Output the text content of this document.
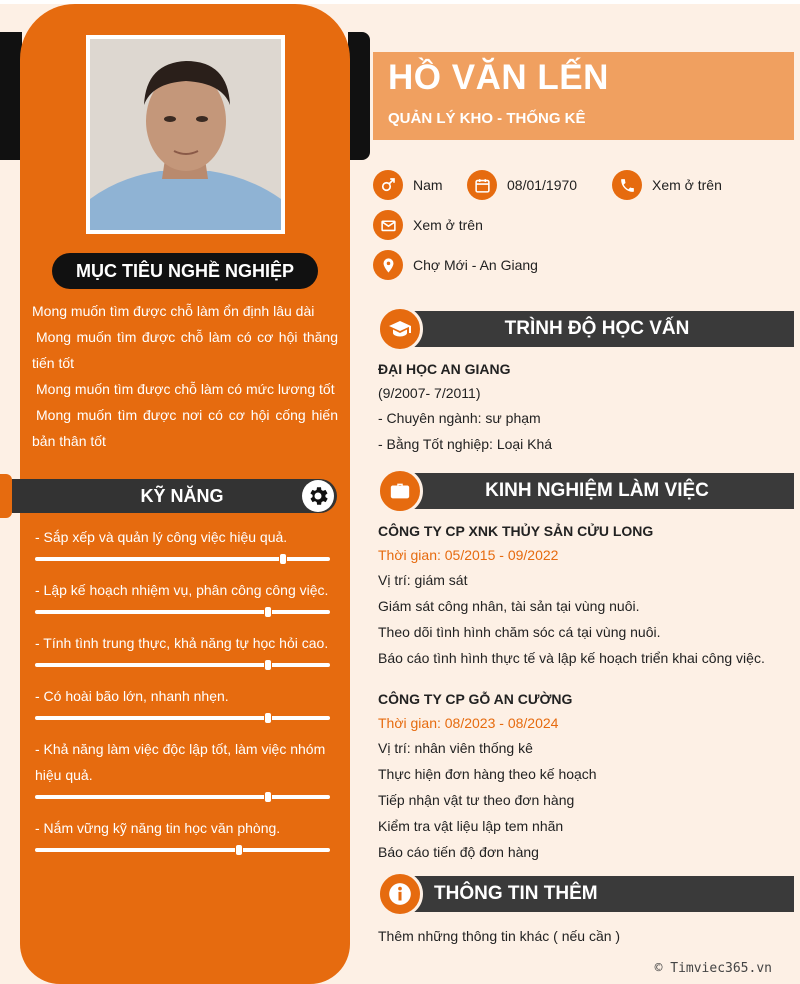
MỤC TIÊU NGHỀ NGHIỆP
Mong muốn tìm được chỗ làm ổn định lâu dài
Mong muốn tìm được chỗ làm có cơ hội thăng tiến tốt
Mong muốn tìm được chỗ làm có mức lương tốt
Mong muốn tìm được nơi có cơ hội cống hiến bản thân tốt
KỸ NĂNG
- Sắp xếp và quản lý công việc hiệu quả.
- Lập kế hoạch nhiệm vụ, phân công công việc.
- Tính tình trung thực, khả năng tự học hỏi cao.
- Có hoài bão lớn, nhanh nhẹn.
- Khả năng làm việc độc lập tốt, làm việc nhóm hiệu quả.
- Nắm vững kỹ năng tin học văn phòng.
HỒ VĂN LẾN
QUẢN LÝ KHO - THỐNG KÊ
Nam	08/01/1970	Xem ở trên
Xem ở trên
Chợ Mới - An Giang
TRÌNH ĐỘ HỌC VẤN
ĐẠI HỌC AN GIANG
(9/2007- 7/2011)
- Chuyên ngành: sư phạm
- Bằng Tốt nghiệp: Loại Khá
KINH NGHIỆM LÀM VIỆC
CÔNG TY CP XNK THỦY SẢN CỬU LONG
Thời gian: 05/2015 - 09/2022
Vị trí: giám sát
Giám sát công nhân, tài sản tại vùng nuôi.
Theo dõi tình hình chăm sóc cá tại vùng nuôi.
Báo cáo tình hình thực tế và lập kế hoạch triển khai công việc.
CÔNG TY CP GỖ AN CƯỜNG
Thời gian: 08/2023 - 08/2024
Vị trí: nhân viên thống kê
Thực hiện đơn hàng theo kế hoạch
Tiếp nhận vật tư theo đơn hàng
Kiểm tra vật liệu lập tem nhãn
Báo cáo tiến độ đơn hàng
THÔNG TIN THÊM
Thêm những thông tin khác ( nếu cần )
© Timviec365.vn
